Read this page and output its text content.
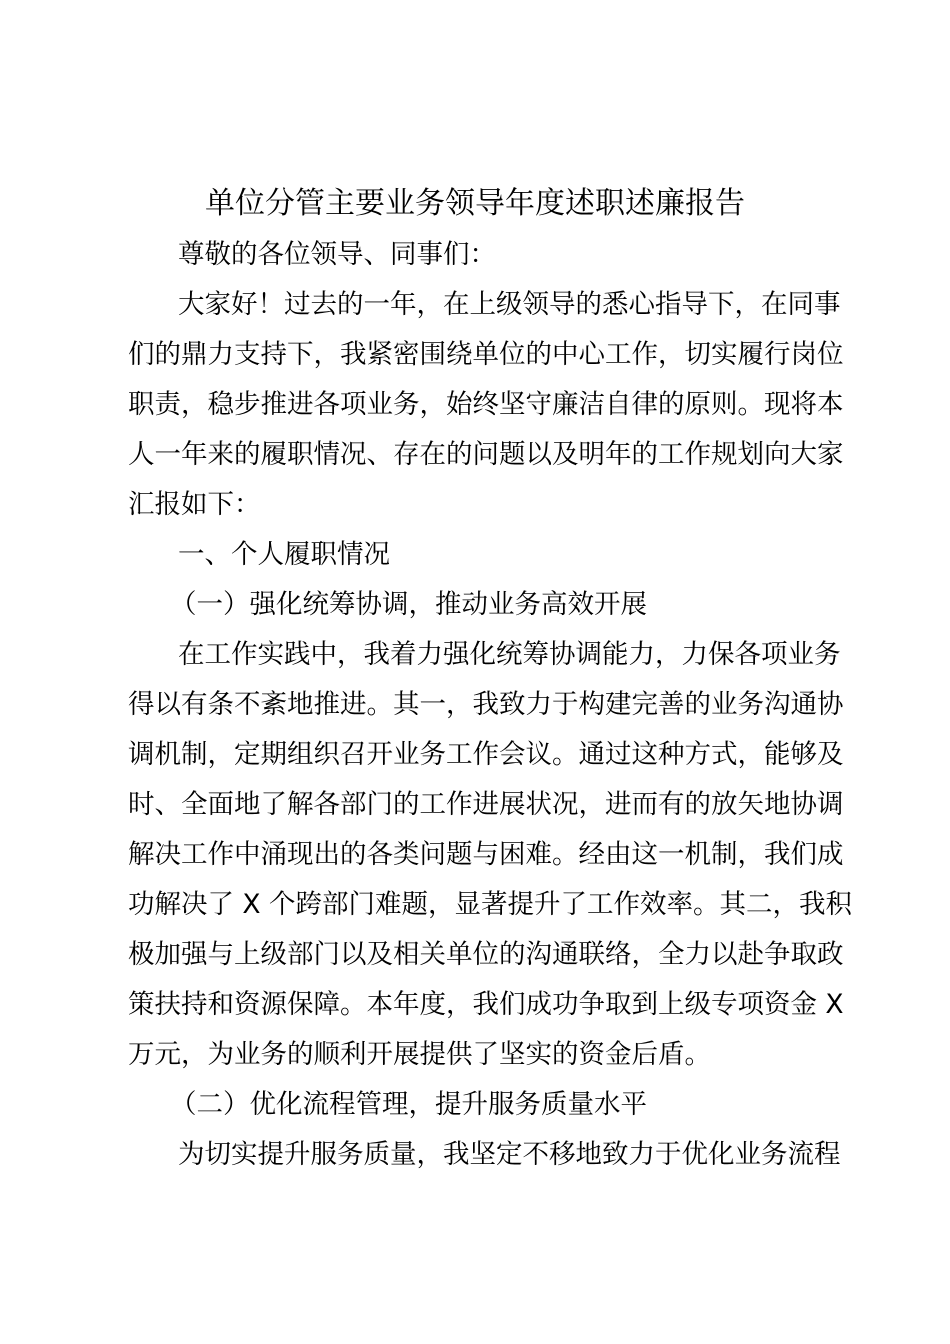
单位分管主要业务领导年度述职述廉报告
尊敬的各位领导、同事们：
大家好！过去的一年，在上级领导的悉心指导下，在同事
们的鼎力支持下，我紧密围绕单位的中心工作，切实履行岗位
职责，稳步推进各项业务，始终坚守廉洁自律的原则。现将本
人一年来的履职情况、存在的问题以及明年的工作规划向大家
汇报如下：
一、个人履职情况
（一）强化统筹协调，推动业务高效开展
在工作实践中，我着力强化统筹协调能力，力保各项业务
得以有条不紊地推进。其一，我致力于构建完善的业务沟通协
调机制，定期组织召开业务工作会议。通过这种方式，能够及
时、全面地了解各部门的工作进展状况，进而有的放矢地协调
解决工作中涌现出的各类问题与困难。经由这一机制，我们成
功解决了 X 个跨部门难题，显著提升了工作效率。其二，我积
极加强与上级部门以及相关单位的沟通联络，全力以赴争取政
策扶持和资源保障。本年度，我们成功争取到上级专项资金 X
万元，为业务的顺利开展提供了坚实的资金后盾。
（二）优化流程管理，提升服务质量水平
为切实提升服务质量，我坚定不移地致力于优化业务流程
